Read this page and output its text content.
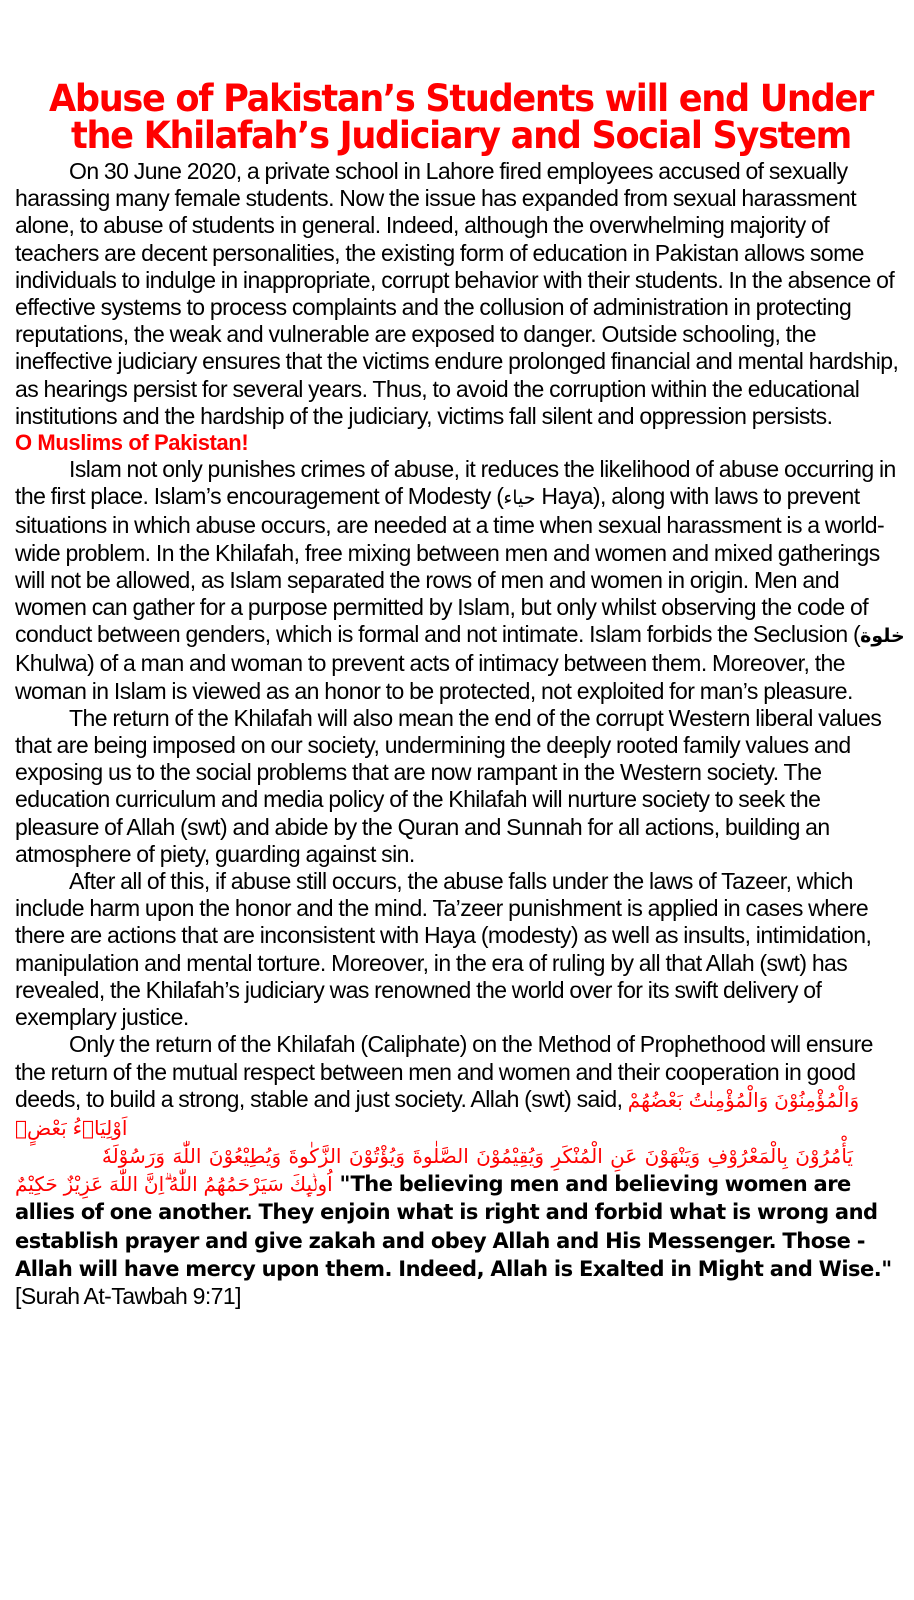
Abuse of Pakistan’s Students will end Under
the Khilafah’s Judiciary and Social System

On 30 June 2020, a private school in Lahore fired employees accused of sexually harassing many female students. Now the issue has expanded from sexual harassment alone, to abuse of students in general. Indeed, although the overwhelming majority of teachers are decent personalities, the existing form of education in Pakistan allows some individuals to indulge in inappropriate, corrupt behavior with their students. In the absence of effective systems to process complaints and the collusion of administration in protecting reputations, the weak and vulnerable are exposed to danger. Outside schooling, the ineffective judiciary ensures that the victims endure prolonged financial and mental hardship, as hearings persist for several years. Thus, to avoid the corruption within the educational institutions and the hardship of the judiciary, victims fall silent and oppression persists.

O Muslims of Pakistan!

Islam not only punishes crimes of abuse, it reduces the likelihood of abuse occurring in the first place. Islam’s encouragement of Modesty (حياء Haya), along with laws to prevent situations in which abuse occurs, are needed at a time when sexual harassment is a world-wide problem. In the Khilafah, free mixing between men and women and mixed gatherings will not be allowed, as Islam separated the rows of men and women in origin. Men and women can gather for a purpose permitted by Islam, but only whilst observing the code of conduct between genders, which is formal and not intimate. Islam forbids the Seclusion (خلوة Khulwa) of a man and woman to prevent acts of intimacy between them. Moreover, the woman in Islam is viewed as an honor to be protected, not exploited for man’s pleasure.

The return of the Khilafah will also mean the end of the corrupt Western liberal values that are being imposed on our society, undermining the deeply rooted family values and exposing us to the social problems that are now rampant in the Western society. The education curriculum and media policy of the Khilafah will nurture society to seek the pleasure of Allah (swt) and abide by the Quran and Sunnah for all actions, building an atmosphere of piety, guarding against sin.

After all of this, if abuse still occurs, the abuse falls under the laws of Tazeer, which include harm upon the honor and the mind. Ta’zeer punishment is applied in cases where there are actions that are inconsistent with Haya (modesty) as well as insults, intimidation, manipulation and mental torture. Moreover, in the era of ruling by all that Allah (swt) has revealed, the Khilafah’s judiciary was renowned the world over for its swift delivery of exemplary justice.

Only the return of the Khilafah (Caliphate) on the Method of Prophethood will ensure the return of the mutual respect between men and women and their cooperation in good deeds, to build a strong, stable and just society. Allah (swt) said, وَالْمُؤْمِنُوْنَ وَالْمُؤْمِنٰتُ بَعْضُهُمْ اَوْلِيَاۤءُ بَعْضٍۘ
يَأْمُرُوْنَ بِالْمَعْرُوْفِ وَيَنْهَوْنَ عَنِ الْمُنْكَرِ وَيُقِيْمُوْنَ الصَّلٰوةَ وَيُؤْتُوْنَ الزَّكٰوةَ وَيُطِيْعُوْنَ اللّٰهَ وَرَسُوْلَهٗ
اُولٰۤىِٕكَ سَيَرْحَمُهُمُ اللّٰهُ ۗاِنَّ اللّٰهَ عَزِيْزٌ حَكِيْمٌ "The believing men and believing women are allies of one another. They enjoin what is right and forbid what is wrong and establish prayer and give zakah and obey Allah and His Messenger. Those - Allah will have mercy upon them. Indeed, Allah is Exalted in Might and Wise." [Surah At-Tawbah 9:71]
